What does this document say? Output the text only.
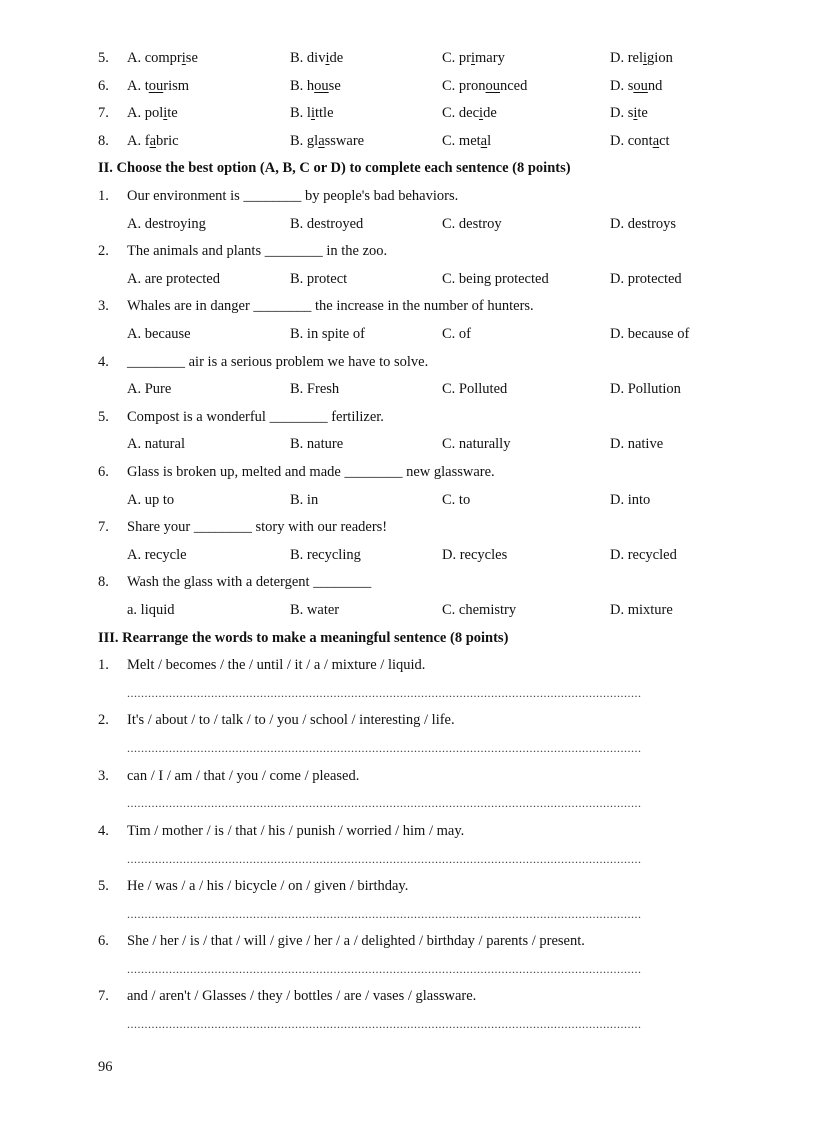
5. A. comprise	B. divide	C. primary	D. religion
6. A. tourism	B. house	C. pronounced	D. sound
7. A. polite	B. little	C. decide	D. site
8. A. fabric	B. glassware	C. metal	D. contact
II. Choose the best option (A, B, C or D) to complete each sentence (8 points)
1. Our environment is ________ by people's bad behaviors.
A. destroying	B. destroyed	C. destroy	D. destroys
2. The animals and plants ________ in the zoo.
A. are protected	B. protect	C. being protected	D. protected
3. Whales are in danger ________ the increase in the number of hunters.
A. because	B. in spite of	C. of	D. because of
4. ________ air is a serious problem we have to solve.
A. Pure	B. Fresh	C. Polluted	D. Pollution
5. Compost is a wonderful ________ fertilizer.
A. natural	B. nature	C. naturally	D. native
6. Glass is broken up, melted and made ________ new glassware.
A. up to	B. in	C. to	D. into
7. Share your ________ story with our readers!
A. recycle	B. recycling	D. recycles	D. recycled
8. Wash the glass with a detergent ________
a. liquid	B. water	C. chemistry	D. mixture
III. Rearrange the words to make a meaningful sentence (8 points)
1. Melt / becomes / the / until / it / a / mixture / liquid.
...................................................................................................................................................
2. It's / about / to / talk / to / you / school / interesting / life.
...................................................................................................................................................
3. can / I / am / that / you / come / pleased.
...................................................................................................................................................
4. Tim / mother / is / that / his / punish / worried / him / may.
...................................................................................................................................................
5. He / was / a / his / bicycle / on / given / birthday.
...................................................................................................................................................
6. She / her / is / that / will / give / her / a / delighted / birthday / parents / present.
...................................................................................................................................................
7. and / aren't / Glasses / they / bottles / are / vases / glassware.
...................................................................................................................................................
96
